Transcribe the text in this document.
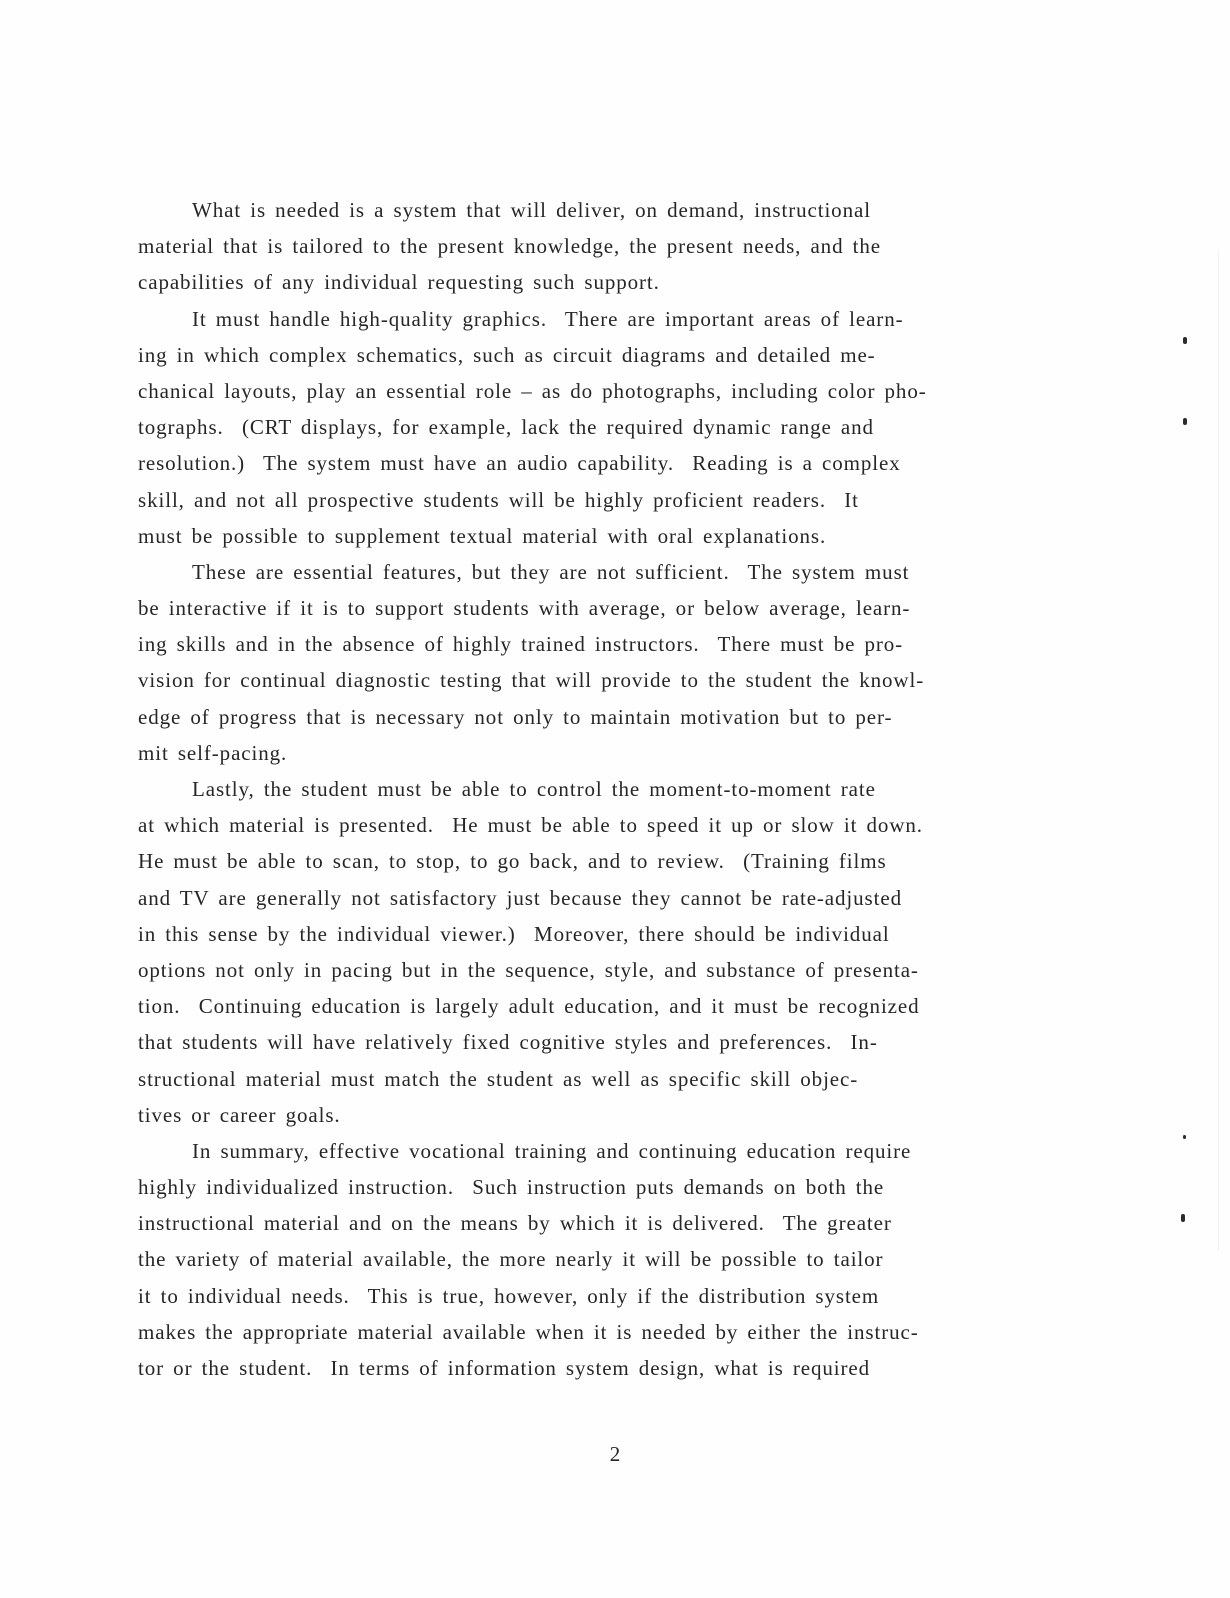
What is needed is a system that will deliver, on demand, instructional
material that is tailored to the present knowledge, the present needs, and the
capabilities of any individual requesting such support.
It must handle high-quality graphics.  There are important areas of learn-
ing in which complex schematics, such as circuit diagrams and detailed me-
chanical layouts, play an essential role – as do photographs, including color pho-
tographs.  (CRT displays, for example, lack the required dynamic range and
resolution.)  The system must have an audio capability.  Reading is a complex
skill, and not all prospective students will be highly proficient readers.  It
must be possible to supplement textual material with oral explanations.
These are essential features, but they are not sufficient.  The system must
be interactive if it is to support students with average, or below average, learn-
ing skills and in the absence of highly trained instructors.  There must be pro-
vision for continual diagnostic testing that will provide to the student the knowl-
edge of progress that is necessary not only to maintain motivation but to per-
mit self-pacing.
Lastly, the student must be able to control the moment-to-moment rate
at which material is presented.  He must be able to speed it up or slow it down.
He must be able to scan, to stop, to go back, and to review.  (Training films
and TV are generally not satisfactory just because they cannot be rate-adjusted
in this sense by the individual viewer.)  Moreover, there should be individual
options not only in pacing but in the sequence, style, and substance of presenta-
tion.  Continuing education is largely adult education, and it must be recognized
that students will have relatively fixed cognitive styles and preferences.  In-
structional material must match the student as well as specific skill objec-
tives or career goals.
In summary, effective vocational training and continuing education require
highly individualized instruction.  Such instruction puts demands on both the
instructional material and on the means by which it is delivered.  The greater
the variety of material available, the more nearly it will be possible to tailor
it to individual needs.  This is true, however, only if the distribution system
makes the appropriate material available when it is needed by either the instruc-
tor or the student.  In terms of information system design, what is required
2
